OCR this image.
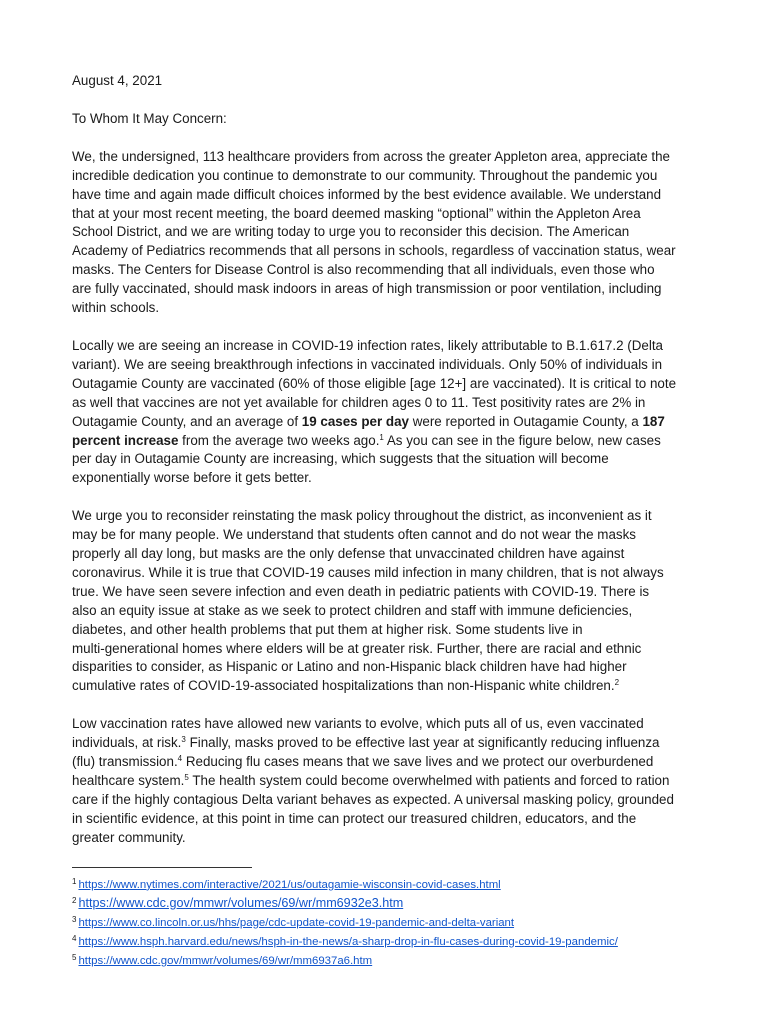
August 4, 2021
To Whom It May Concern:
We, the undersigned, 113 healthcare providers from across the greater Appleton area, appreciate the
incredible dedication you continue to demonstrate to our community. Throughout the pandemic you
have time and again made difficult choices informed by the best evidence available. We understand
that at your most recent meeting, the board deemed masking “optional” within the Appleton Area
School District, and we are writing today to urge you to reconsider this decision. The American
Academy of Pediatrics recommends that all persons in schools, regardless of vaccination status, wear
masks. The Centers for Disease Control is also recommending that all individuals, even those who
are fully vaccinated, should mask indoors in areas of high transmission or poor ventilation, including
within schools.
Locally we are seeing an increase in COVID-19 infection rates, likely attributable to B.1.617.2 (Delta
variant). We are seeing breakthrough infections in vaccinated individuals. Only 50% of individuals in
Outagamie County are vaccinated (60% of those eligible [age 12+] are vaccinated). It is critical to note
as well that vaccines are not yet available for children ages 0 to 11. Test positivity rates are 2% in
Outagamie County, and an average of 19 cases per day were reported in Outagamie County, a 187
percent increase from the average two weeks ago.$^1$ As you can see in the figure below, new cases
per day in Outagamie County are increasing, which suggests that the situation will become
exponentially worse before it gets better.
We urge you to reconsider reinstating the mask policy throughout the district, as inconvenient as it
may be for many people. We understand that students often cannot and do not wear the masks
properly all day long, but masks are the only defense that unvaccinated children have against
coronavirus. While it is true that COVID-19 causes mild infection in many children, that is not always
true. We have seen severe infection and even death in pediatric patients with COVID-19. There is
also an equity issue at stake as we seek to protect children and staff with immune deficiencies,
diabetes, and other health problems that put them at higher risk. Some students live in
multi-generational homes where elders will be at greater risk. Further, there are racial and ethnic
disparities to consider, as Hispanic or Latino and non-Hispanic black children have had higher
cumulative rates of COVID-19-associated hospitalizations than non-Hispanic white children.$^2$
Low vaccination rates have allowed new variants to evolve, which puts all of us, even vaccinated
individuals, at risk.$^3$ Finally, masks proved to be effective last year at significantly reducing influenza
(flu) transmission.$^4$ Reducing flu cases means that we save lives and we protect our overburdened
healthcare system.$^5$ The health system could become overwhelmed with patients and forced to ration
care if the highly contagious Delta variant behaves as expected. A universal masking policy, grounded
in scientific evidence, at this point in time can protect our treasured children, educators, and the
greater community.
$^1$ https://www.nytimes.com/interactive/2021/us/outagamie-wisconsin-covid-cases.html
$^2$ https://www.cdc.gov/mmwr/volumes/69/wr/mm6932e3.htm
$^3$ https://www.co.lincoln.or.us/hhs/page/cdc-update-covid-19-pandemic-and-delta-variant
$^4$ https://www.hsph.harvard.edu/news/hsph-in-the-news/a-sharp-drop-in-flu-cases-during-covid-19-pandemic/
$^5$ https://www.cdc.gov/mmwr/volumes/69/wr/mm6937a6.htm
